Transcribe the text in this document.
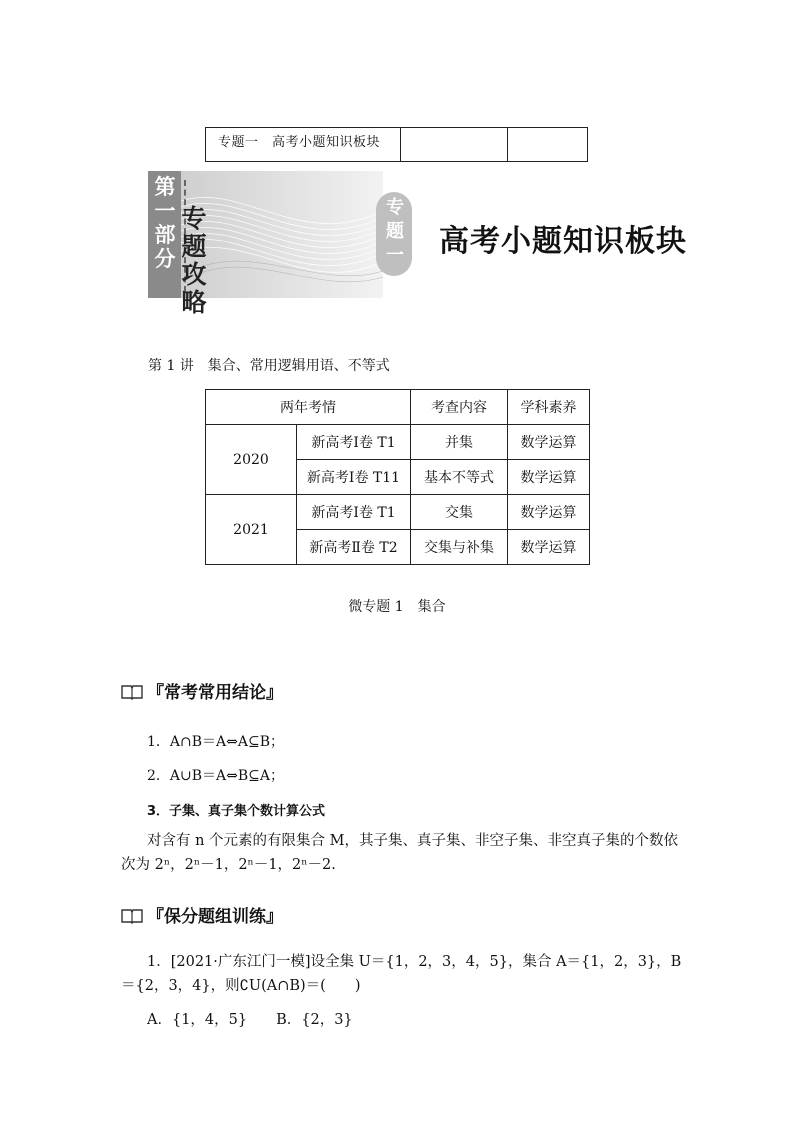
专题一　高考小题知识板块
第一部分
专题攻略
专题一 高考小题知识板块
第 1 讲　集合、常用逻辑用语、不等式
两年考情		考查内容	学科素养
2020	新高考Ⅰ卷 T1	并集	数学运算
	新高考Ⅰ卷 T11	基本不等式	数学运算
2021	新高考Ⅰ卷 T1	交集	数学运算
	新高考Ⅱ卷 T2	交集与补集	数学运算
微专题 1　集合
『常考常用结论』
1．A∩B＝A⇔A⊆B；
2．A∪B＝A⇔B⊆A；
3．子集、真子集个数计算公式
对含有 n 个元素的有限集合 M，其子集、真子集、非空子集、非空真子集的个数依次为 2ⁿ，2ⁿ－1，2ⁿ－1，2ⁿ－2.
『保分题组训练』
1．[2021·广东江门一模]设全集 U＝{1，2，3，4，5}，集合 A＝{1，2，3}，B＝{2，3，4}，则∁U(A∩B)＝(　　)
A．{1，4，5}　　B．{2，3}
